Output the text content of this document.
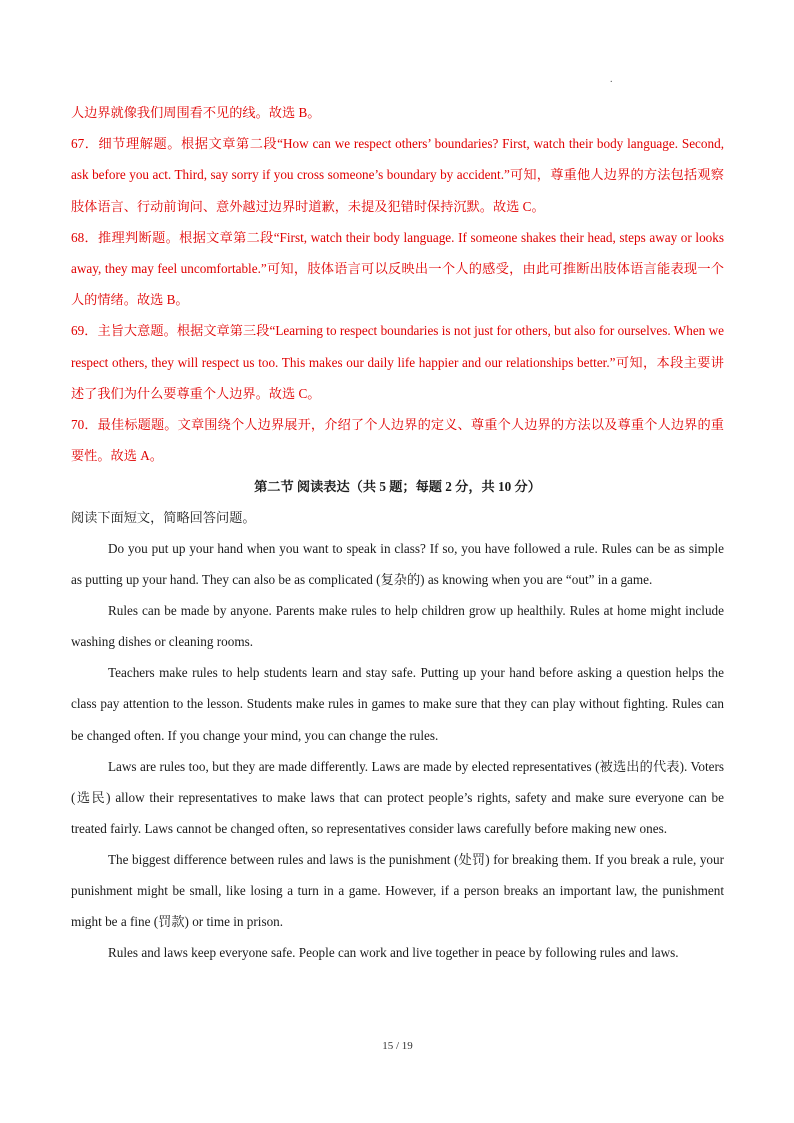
.

人边界就像我们周围看不见的线。故选 B。

67．细节理解题。根据文章第二段“How can we respect others’ boundaries? First, watch their body language. Second, ask before you act. Third, say sorry if you cross someone’s boundary by accident.”可知，尊重他人边界的方法包括观察肢体语言、行动前询问、意外越过边界时道歉，未提及犯错时保持沉默。故选 C。

68．推理判断题。根据文章第二段“First, watch their body language. If someone shakes their head, steps away or looks away, they may feel uncomfortable.”可知，肢体语言可以反映出一个人的感受，由此可推断出肢体语言能表现一个人的情绪。故选 B。

69．主旨大意题。根据文章第三段“Learning to respect boundaries is not just for others, but also for ourselves. When we respect others, they will respect us too. This makes our daily life happier and our relationships better.”可知，本段主要讲述了我们为什么要尊重个人边界。故选 C。

70．最佳标题题。文章围绕个人边界展开，介绍了个人边界的定义、尊重个人边界的方法以及尊重个人边界的重要性。故选 A。

第二节 阅读表达（共 5 题；每题 2 分，共 10 分）

阅读下面短文，简略回答问题。

Do you put up your hand when you want to speak in class? If so, you have followed a rule. Rules can be as simple as putting up your hand. They can also be as complicated (复杂的) as knowing when you are “out” in a game.

Rules can be made by anyone. Parents make rules to help children grow up healthily. Rules at home might include washing dishes or cleaning rooms.

Teachers make rules to help students learn and stay safe. Putting up your hand before asking a question helps the class pay attention to the lesson. Students make rules in games to make sure that they can play without fighting. Rules can be changed often. If you change your mind, you can change the rules.

Laws are rules too, but they are made differently. Laws are made by elected representatives (被选出的代表). Voters (选民) allow their representatives to make laws that can protect people’s rights, safety and make sure everyone can be treated fairly. Laws cannot be changed often, so representatives consider laws carefully before making new ones.

The biggest difference between rules and laws is the punishment (处罚) for breaking them. If you break a rule, your punishment might be small, like losing a turn in a game. However, if a person breaks an important law, the punishment might be a fine (罚款) or time in prison.

Rules and laws keep everyone safe. People can work and live together in peace by following rules and laws.

15 / 19
